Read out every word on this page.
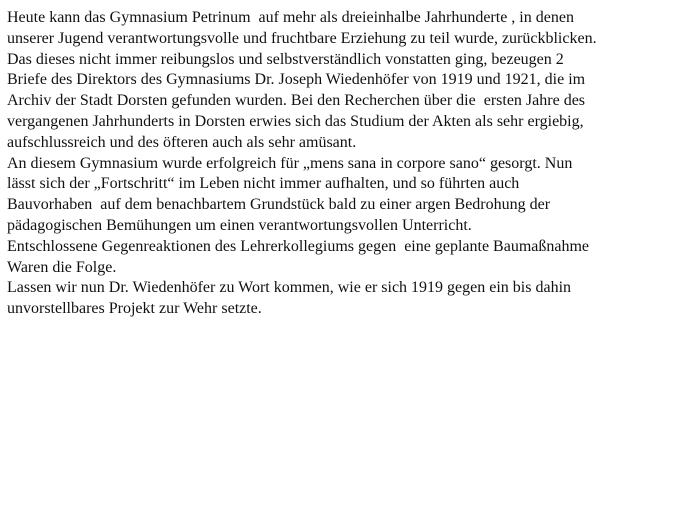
Heute kann das Gymnasium Petrinum  auf mehr als dreieinhalbe Jahrhunderte , in denen
unserer Jugend verantwortungsvolle und fruchtbare Erziehung zu teil wurde, zurückblicken.
Das dieses nicht immer reibungslos und selbstverständlich vonstatten ging, bezeugen 2
Briefe des Direktors des Gymnasiums Dr. Joseph Wiedenhöfer von 1919 und 1921, die im
Archiv der Stadt Dorsten gefunden wurden. Bei den Recherchen über die  ersten Jahre des
vergangenen Jahrhunderts in Dorsten erwies sich das Studium der Akten als sehr ergiebig,
aufschlussreich und des öfteren auch als sehr amüsant.
An diesem Gymnasium wurde erfolgreich für „mens sana in corpore sano“ gesorgt. Nun
lässt sich der „Fortschritt“ im Leben nicht immer aufhalten, und so führten auch
Bauvorhaben  auf dem benachbartem Grundstück bald zu einer argen Bedrohung der
pädagogischen Bemühungen um einen verantwortungsvollen Unterricht.
Entschlossene Gegenreaktionen des Lehrerkollegiums gegen  eine geplante Baumaßnahme
Waren die Folge.
Lassen wir nun Dr. Wiedenhöfer zu Wort kommen, wie er sich 1919 gegen ein bis dahin
unvorstellbares Projekt zur Wehr setzte.
